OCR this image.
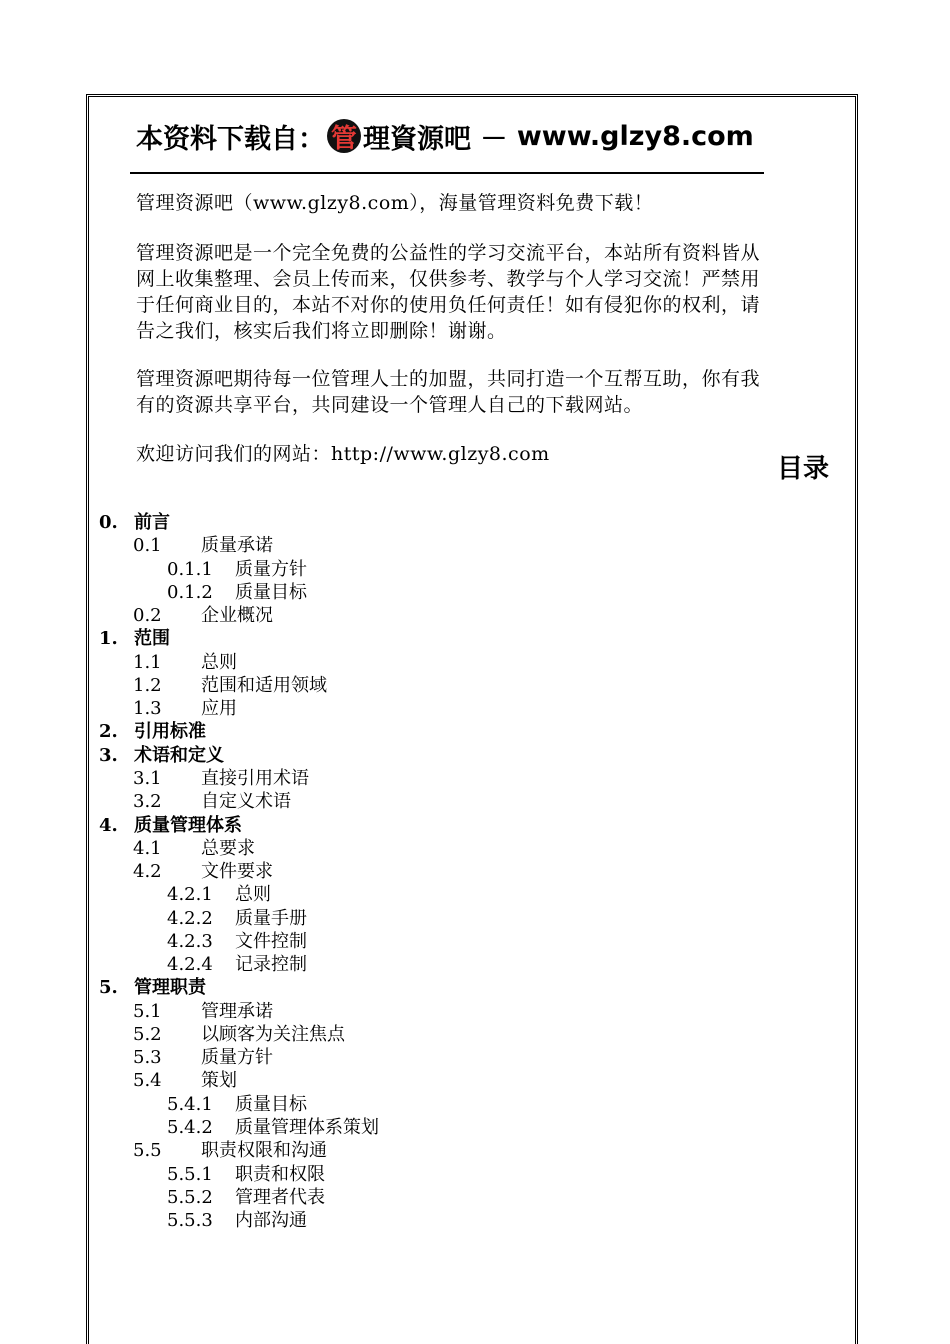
本资料下载自： 管 理資源吧 － www.glzy8.com

管理资源吧（www.glzy8.com），海量管理资料免费下载！

管理资源吧是一个完全免费的公益性的学习交流平台，本站所有资料皆从网上收集整理、会员上传而来，仅供参考、教学与个人学习交流！严禁用于任何商业目的，本站不对你的使用负任何责任！如有侵犯你的权利，请告之我们，核实后我们将立即删除！谢谢。

管理资源吧期待每一位管理人士的加盟，共同打造一个互帮互助，你有我有的资源共享平台，共同建设一个管理人自己的下载网站。

欢迎访问我们的网站：http://www.glzy8.com	目录
0. 前言
0.1 质量承诺
0.1.1 质量方针
0.1.2 质量目标
0.2 企业概况
1. 范围
1.1 总则
1.2 范围和适用领域
1.3 应用
2. 引用标准
3. 术语和定义
3.1 直接引用术语
3.2 自定义术语
4. 质量管理体系
4.1 总要求
4.2 文件要求
4.2.1 总则
4.2.2 质量手册
4.2.3 文件控制
4.2.4 记录控制
5. 管理职责
5.1 管理承诺
5.2 以顾客为关注焦点
5.3 质量方针
5.4 策划
5.4.1 质量目标
5.4.2 质量管理体系策划
5.5 职责权限和沟通
5.5.1 职责和权限
5.5.2 管理者代表
5.5.3 内部沟通
